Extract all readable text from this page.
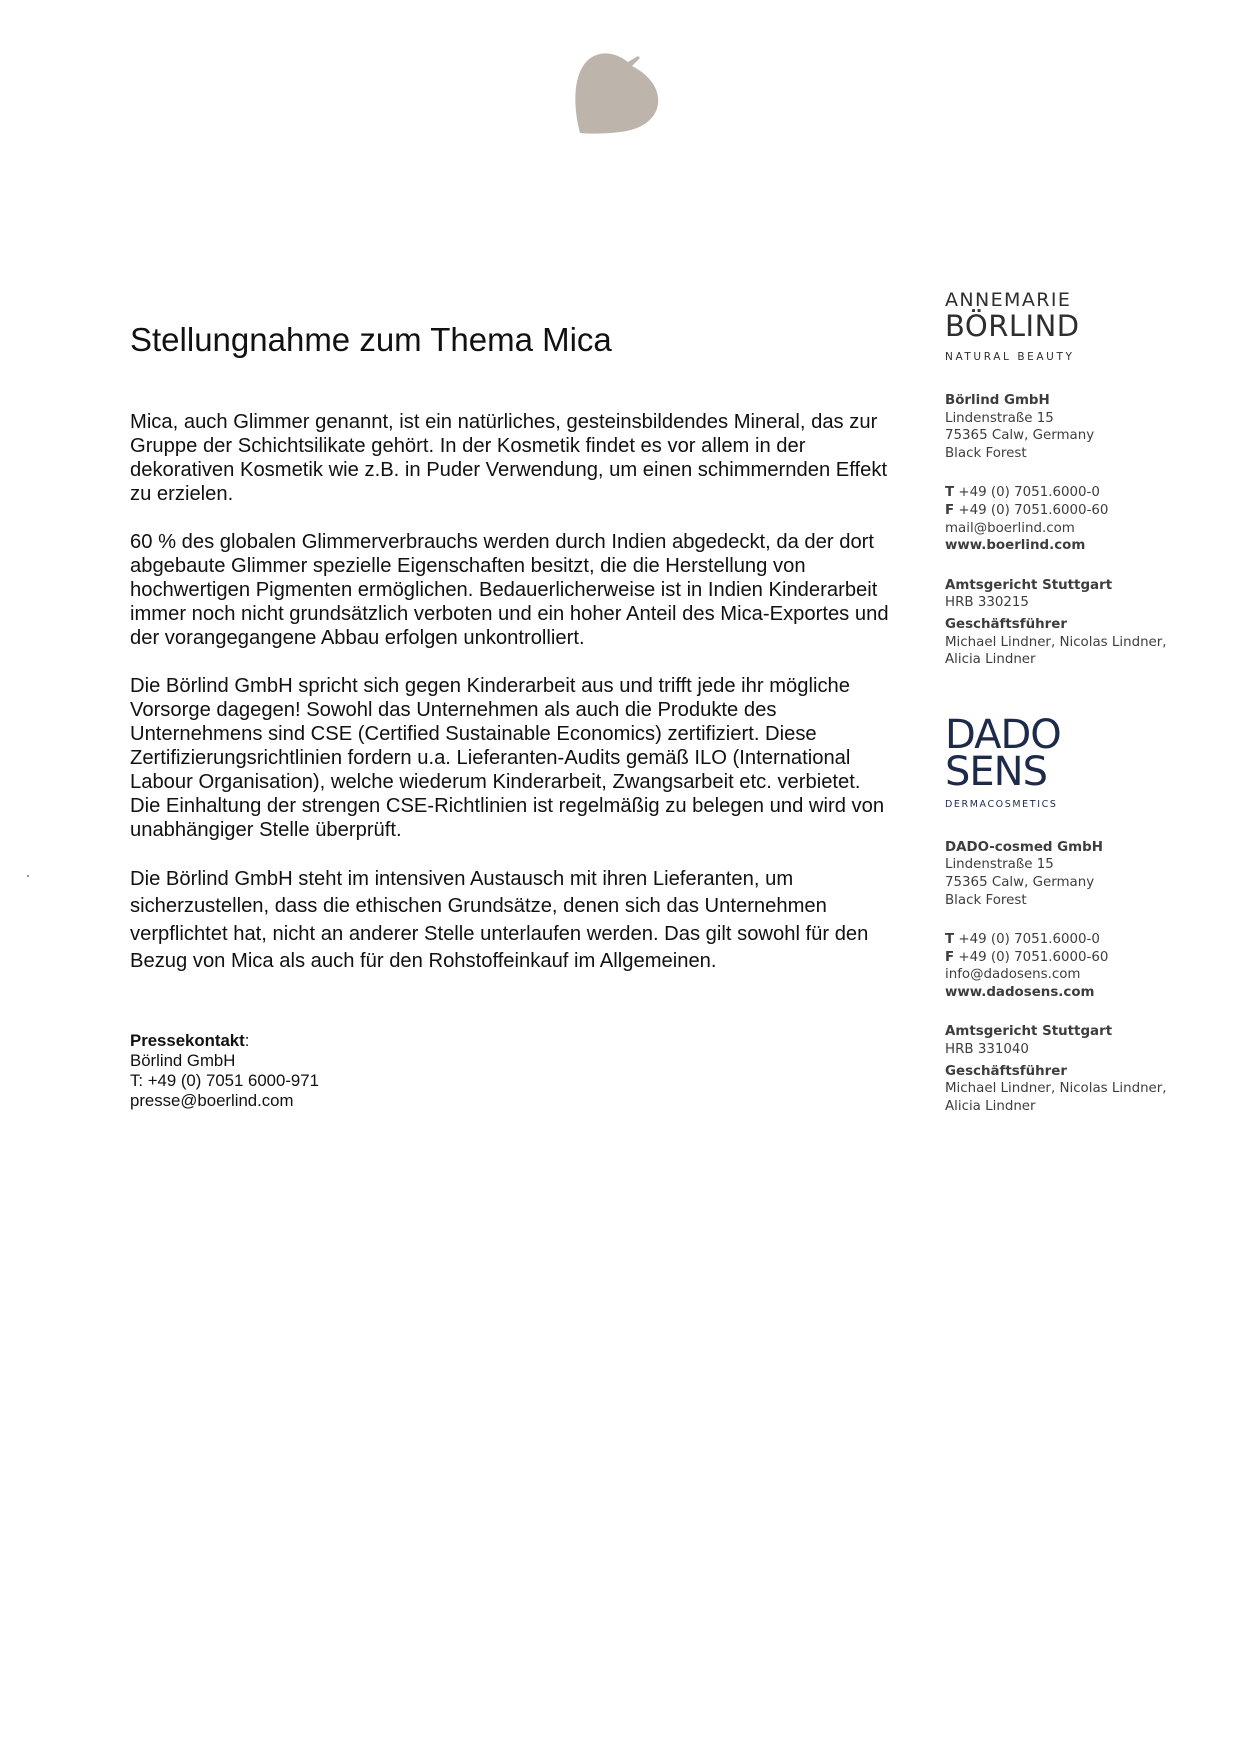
Stellungnahme zum Thema Mica

Mica, auch Glimmer genannt, ist ein natürliches, gesteinsbildendes Mineral, das zur Gruppe der Schichtsilikate gehört. In der Kosmetik findet es vor allem in der dekorativen Kosmetik wie z.B. in Puder Verwendung, um einen schimmernden Effekt zu erzielen.

60 % des globalen Glimmerverbrauchs werden durch Indien abgedeckt, da der dort abgebaute Glimmer spezielle Eigenschaften besitzt, die die Herstellung von hochwertigen Pigmenten ermöglichen. Bedauerlicherweise ist in Indien Kinderarbeit immer noch nicht grundsätzlich verboten und ein hoher Anteil des Mica-Exportes und der vorangegangene Abbau erfolgen unkontrolliert.

Die Börlind GmbH spricht sich gegen Kinderarbeit aus und trifft jede ihr mögliche Vorsorge dagegen! Sowohl das Unternehmen als auch die Produkte des Unternehmens sind CSE (Certified Sustainable Economics) zertifiziert. Diese Zertifizierungsrichtlinien fordern u.a. Lieferanten-Audits gemäß ILO (International Labour Organisation), welche wiederum Kinderarbeit, Zwangsarbeit etc. verbietet. Die Einhaltung der strengen CSE-Richtlinien ist regelmäßig zu belegen und wird von unabhängiger Stelle überprüft.

Die Börlind GmbH steht im intensiven Austausch mit ihren Lieferanten, um sicherzustellen, dass die ethischen Grundsätze, denen sich das Unternehmen verpflichtet hat, nicht an anderer Stelle unterlaufen werden. Das gilt sowohl für den Bezug von Mica als auch für den Rohstoffeinkauf im Allgemeinen.

Pressekontakt:
Börlind GmbH
T: +49 (0) 7051 6000-971
presse@boerlind.com
ANNEMARIE
BÖRLIND
NATURAL BEAUTY
Börlind GmbH
Lindenstraße 15
75365 Calw, Germany
Black Forest
T +49 (0) 7051.6000-0
F +49 (0) 7051.6000-60
mail@boerlind.com
www.boerlind.com
Amtsgericht Stuttgart
HRB 330215
Geschäftsführer
Michael Lindner, Nicolas Lindner,
Alicia Lindner
DADO
SENS
DERMACOSMETICS
DADO-cosmed GmbH
Lindenstraße 15
75365 Calw, Germany
Black Forest
T +49 (0) 7051.6000-0
F +49 (0) 7051.6000-60
info@dadosens.com
www.dadosens.com
Amtsgericht Stuttgart
HRB 331040
Geschäftsführer
Michael Lindner, Nicolas Lindner,
Alicia Lindner
